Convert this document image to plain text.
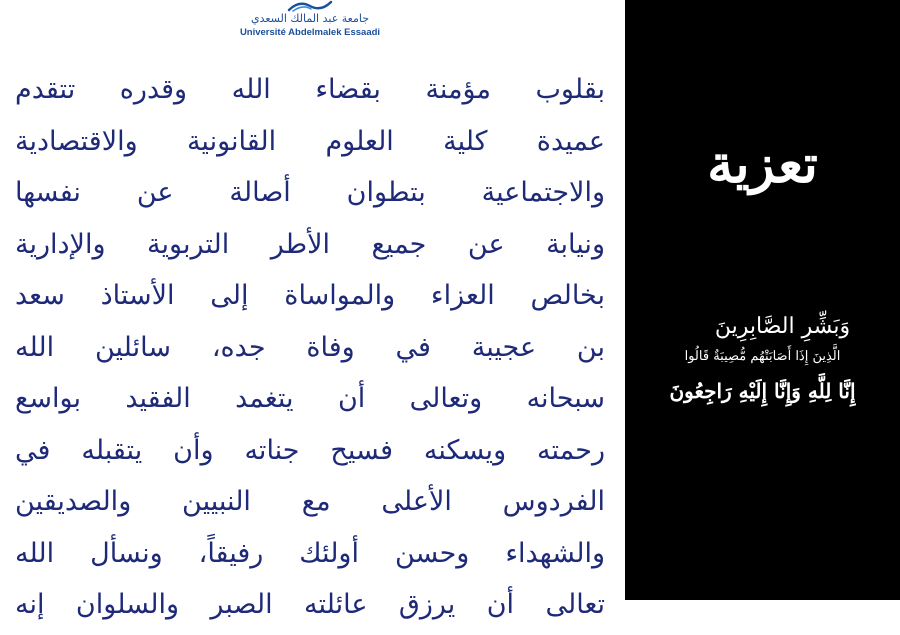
جامعة عبد المالك السعدي
Université Abdelmalek Essaadi
بقلوب مؤمنة بقضاء الله وقدره تتقدم
عميدة كلية العلوم القانونية والاقتصادية
والاجتماعية بتطوان أصالة عن نفسها
ونيابة عن جميع الأطر التربوية والإدارية
بخالص العزاء والمواساة إلى الأستاذ سعد
بن عجيبة في وفاة جده، سائلين الله
سبحانه وتعالى أن يتغمد الفقيد بواسع
رحمته ويسكنه فسيح جناته وأن يتقبله في
الفردوس الأعلى مع النبيين والصديقين
والشهداء وحسن أولئك رفيقاً، ونسأل الله
تعالى أن يرزق عائلته الصبر والسلوان إنه
تعزية
وَبَشِّرِ الصَّابِرِينَ
الَّذِينَ إِذَا أَصَابَتْهُم مُّصِيبَةٌ قَالُوا
إِنَّا لِلَّهِ وَإِنَّا إِلَيْهِ رَاجِعُونَ
